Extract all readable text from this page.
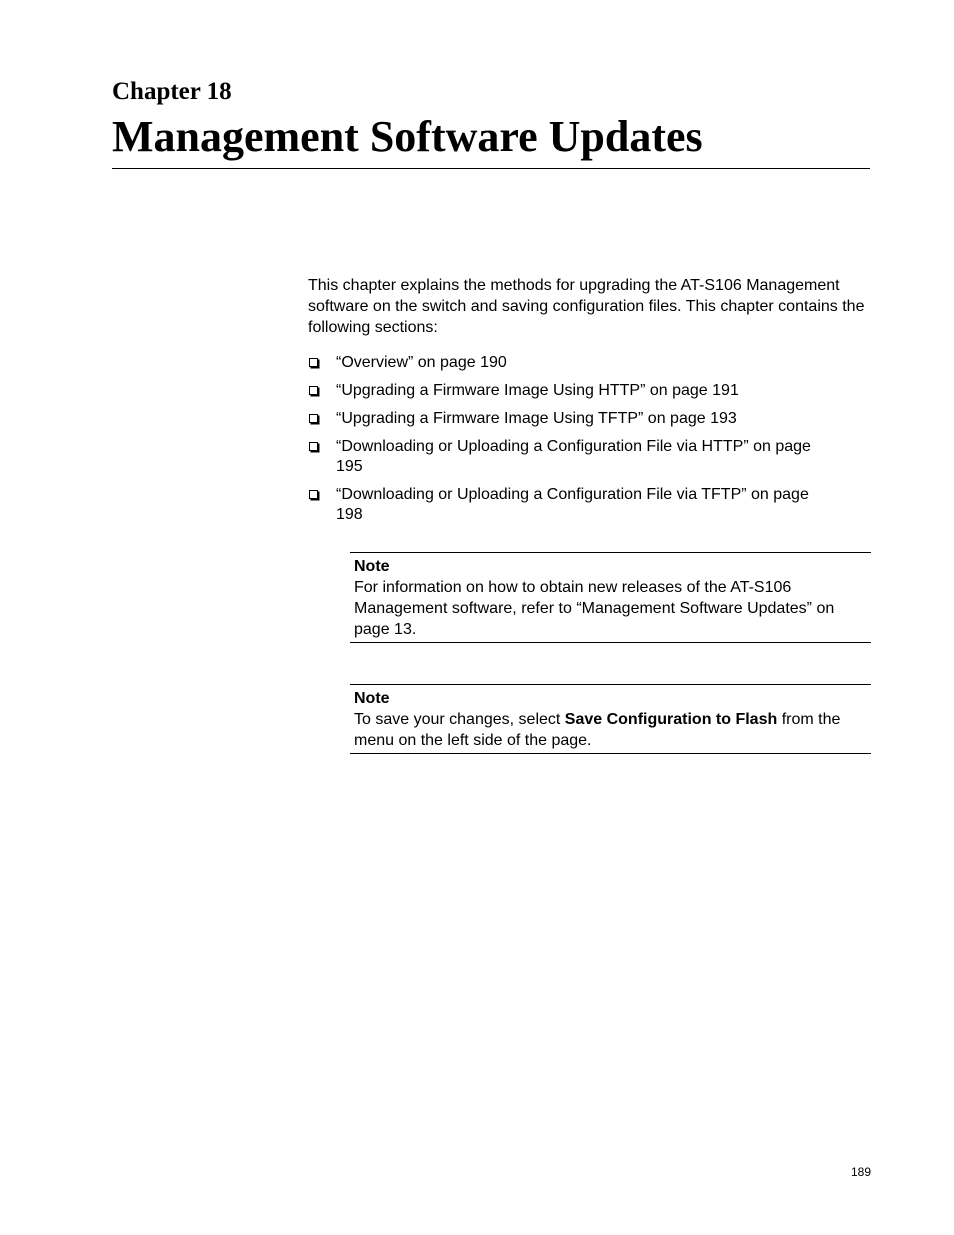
Chapter 18
Management Software Updates

This chapter explains the methods for upgrading the AT-S106 Management software on the switch and saving configuration files. This chapter contains the following sections:

“Overview” on page 190
“Upgrading a Firmware Image Using HTTP” on page 191
“Upgrading a Firmware Image Using TFTP” on page 193
“Downloading or Uploading a Configuration File via HTTP” on page 195
“Downloading or Uploading a Configuration File via TFTP” on page 198

Note

For information on how to obtain new releases of the AT-S106 Management software, refer to “Management Software Updates” on page 13.

Note

To save your changes, select Save Configuration to Flash from the menu on the left side of the page.

189
